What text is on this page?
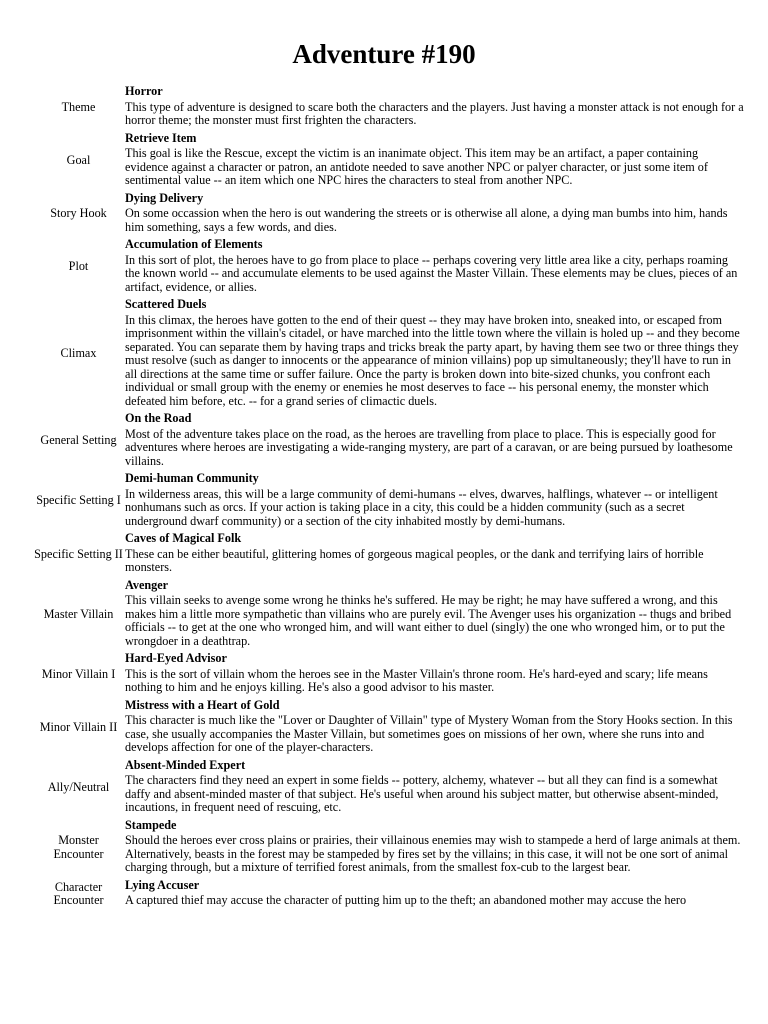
Adventure #190
Theme	Horror
This type of adventure is designed to scare both the characters and the players. Just having a monster attack is not enough for a horror theme; the monster must first frighten the characters.

Goal	Retrieve Item
This goal is like the Rescue, except the victim is an inanimate object. This item may be an artifact, a paper containing evidence against a character or patron, an antidote needed to save another NPC or palyer character, or just some item of sentimental value -- an item which one NPC hires the characters to steal from another NPC.

Story Hook	Dying Delivery
On some occassion when the hero is out wandering the streets or is otherwise all alone, a dying man bumbs into him, hands him something, says a few words, and dies.

Plot	Accumulation of Elements
In this sort of plot, the heroes have to go from place to place -- perhaps covering very little area like a city, perhaps roaming the known world -- and accumulate elements to be used against the Master Villain. These elements may be clues, pieces of an artifact, evidence, or allies.

Climax	Scattered Duels
In this climax, the heroes have gotten to the end of their quest -- they may have broken into, sneaked into, or escaped from imprisonment within the villain's citadel, or have marched into the little town where the villain is holed up -- and they become separated. You can separate them by having traps and tricks break the party apart, by having them see two or three things they must resolve (such as danger to innocents or the appearance of minion villains) pop up simultaneously; they'll have to run in all directions at the same time or suffer failure. Once the party is broken down into bite-sized chunks, you confront each individual or small group with the enemy or enemies he most deserves to face -- his personal enemy, the monster which defeated him before, etc. -- for a grand series of climactic duels.

General Setting	On the Road
Most of the adventure takes place on the road, as the heroes are travelling from place to place. This is especially good for adventures where heroes are investigating a wide-ranging mystery, are part of a caravan, or are being pursued by loathesome villains.

Specific Setting I	Demi-human Community
In wilderness areas, this will be a large community of demi-humans -- elves, dwarves, halflings, whatever -- or intelligent nonhumans such as orcs. If your action is taking place in a city, this could be a hidden community (such as a secret underground dwarf community) or a section of the city inhabited mostly by demi-humans.

Specific Setting II	Caves of Magical Folk
These can be either beautiful, glittering homes of gorgeous magical peoples, or the dank and terrifying lairs of horrible monsters.

Master Villain	Avenger
This villain seeks to avenge some wrong he thinks he's suffered. He may be right; he may have suffered a wrong, and this makes him a little more sympathetic than villains who are purely evil. The Avenger uses his organization -- thugs and bribed officials -- to get at the one who wronged him, and will want either to duel (singly) the one who wronged him, or to put the wrongdoer in a deathtrap.

Minor Villain I	Hard-Eyed Advisor
This is the sort of villain whom the heroes see in the Master Villain's throne room. He's hard-eyed and scary; life means nothing to him and he enjoys killing. He's also a good advisor to his master.

Minor Villain II	Mistress with a Heart of Gold
This character is much like the "Lover or Daughter of Villain" type of Mystery Woman from the Story Hooks section. In this case, she usually accompanies the Master Villain, but sometimes goes on missions of her own, where she runs into and develops affection for one of the player-characters.

Ally/Neutral	Absent-Minded Expert
The characters find they need an expert in some fields -- pottery, alchemy, whatever -- but all they can find is a somewhat daffy and absent-minded master of that subject. He's useful when around his subject matter, but otherwise absent-minded, incautions, in frequent need of rescuing, etc.

Monster Encounter	Stampede
Should the heroes ever cross plains or prairies, their villainous enemies may wish to stampede a herd of large animals at them. Alternatively, beasts in the forest may be stampeded by fires set by the villains; in this case, it will not be one sort of animal charging through, but a mixture of terrified forest animals, from the smallest fox-cub to the largest bear.

Character Encounter	Lying Accuser
A captured thief may accuse the character of putting him up to the theft; an abandoned mother may accuse the hero
